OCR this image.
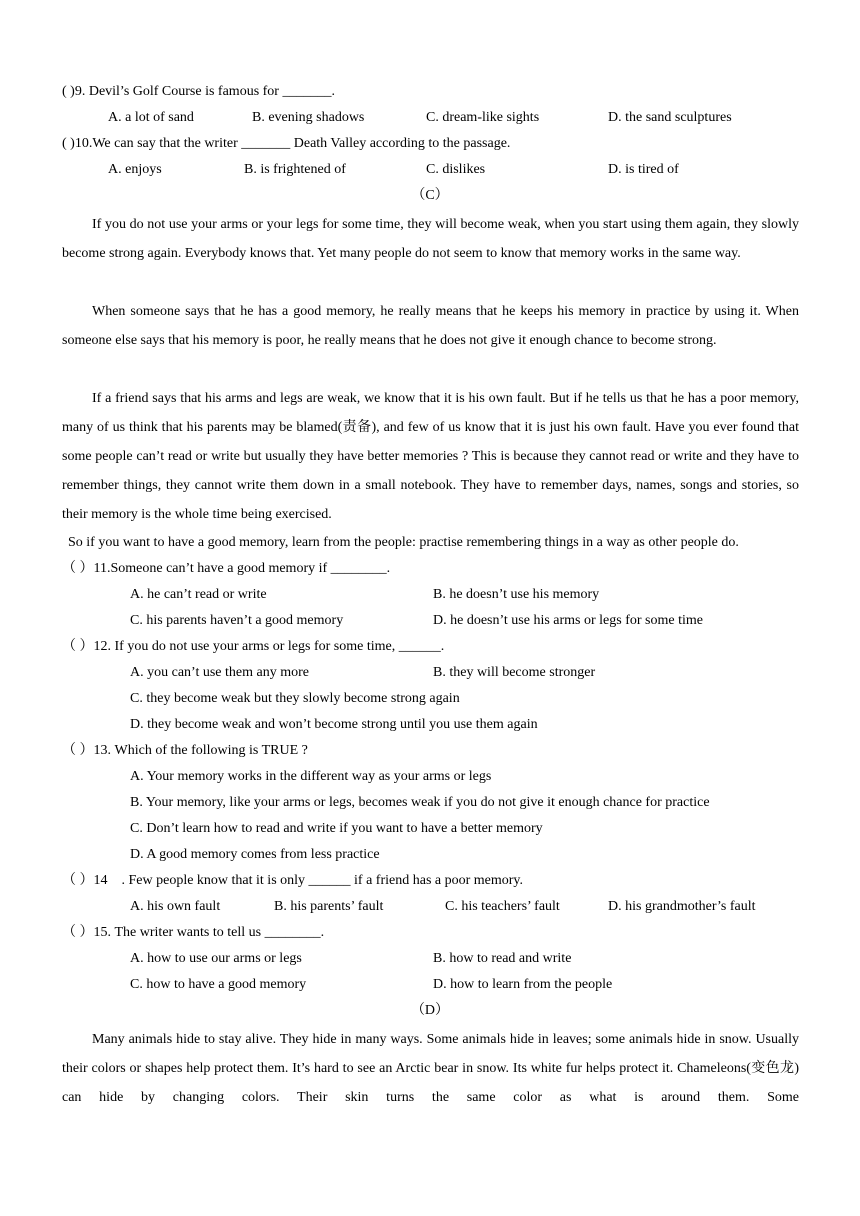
( )9. Devil’s Golf Course is famous for _______.
A. a lot of sand	B. evening shadows	C. dream-like sights	D. the sand sculptures
( )10.We can say that the writer _______ Death Valley according to the passage.
A. enjoys	B. is frightened of	C. dislikes	D. is tired of
（C）
If you do not use your arms or your legs for some time, they will become weak, when you start using them again, they slowly become strong again. Everybody knows that. Yet many people do not seem to know that memory works in the same way.
When someone says that he has a good memory, he really means that he keeps his memory in practice by using it. When someone else says that his memory is poor, he really means that he does not give it enough chance to become strong.
If a friend says that his arms and legs are weak, we know that it is his own fault. But if he tells us that he has a poor memory, many of us think that his parents may be blamed(责备), and few of us know that it is just his own fault. Have you ever found that some people can’t read or write but usually they have better memories ? This is because they cannot read or write and they have to remember things, they cannot write them down in a small notebook. They have to remember days, names, songs and stories, so their memory is the whole time being exercised.
So if you want to have a good memory, learn from the people: practise remembering things in a way as other people do.
（ ）11.Someone can’t have a good memory if ________.
A. he can’t read or write	B. he doesn’t use his memory
C. his parents haven’t a good memory	D. he doesn’t use his arms or legs for some time
（ ）12. If you do not use your arms or legs for some time, ______.
A. you can’t use them any more	B. they will become stronger
C. they become weak but they slowly become strong again
D. they become weak and won’t become strong until you use them again
（ ）13. Which of the following is TRUE ?
A. Your memory works in the different way as your arms or legs
B. Your memory, like your arms or legs, becomes weak if you do not give it enough chance for practice
C. Don’t learn how to read and write if you want to have a better memory
D. A good memory comes from less practice
（ ）14 . Few people know that it is only ______ if a friend has a poor memory.
A. his own fault	B. his parents’ fault	C. his teachers’ fault	D. his grandmother’s fault
（ ）15. The writer wants to tell us ________.
A. how to use our arms or legs	B. how to read and write
C. how to have a good memory	D. how to learn from the people
（D）
Many animals hide to stay alive. They hide in many ways. Some animals hide in leaves; some animals hide in snow. Usually their colors or shapes help protect them. It’s hard to see an Arctic bear in snow. Its white fur helps protect it. Chameleons(变色龙) can hide by changing colors. Their skin turns the same color as what is around them. Some
